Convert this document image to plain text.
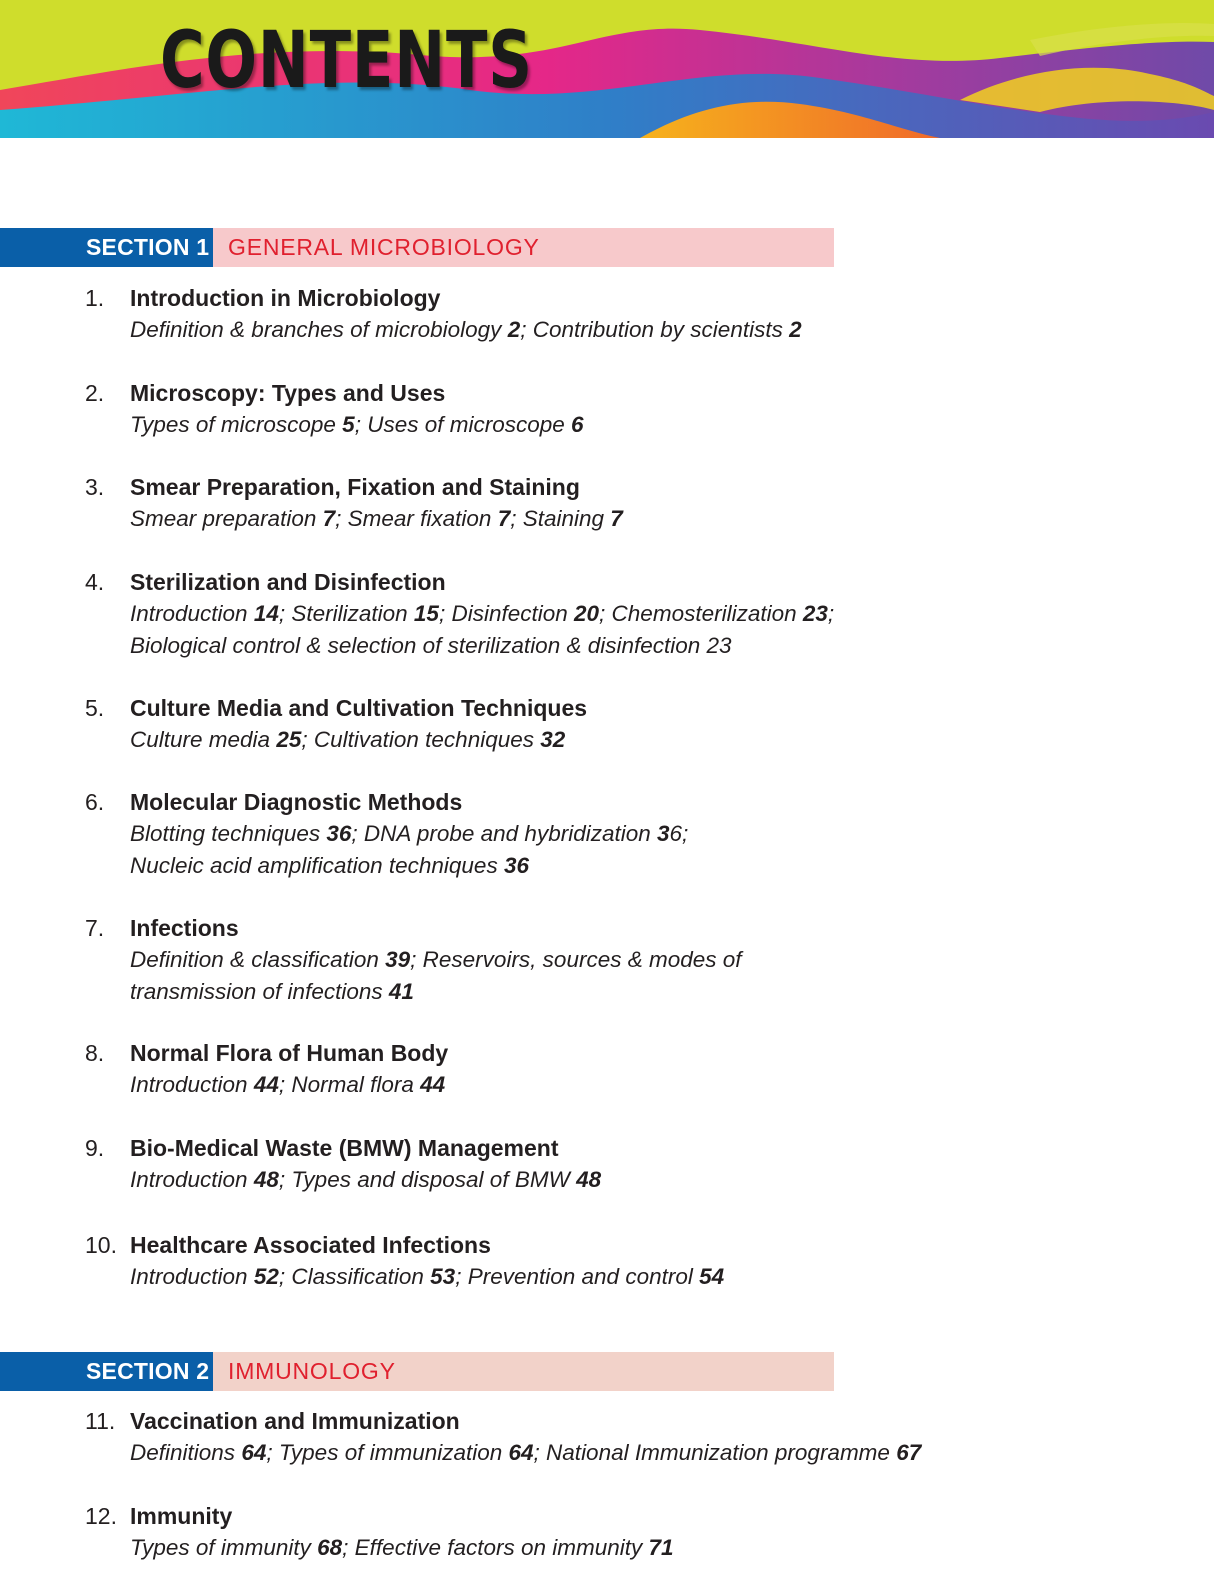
CONTENTS
SECTION 1 GENERAL MICROBIOLOGY
1. Introduction in Microbiology
Definition & branches of microbiology 2; Contribution by scientists 2
2. Microscopy: Types and Uses
Types of microscope 5; Uses of microscope 6
3. Smear Preparation, Fixation and Staining
Smear preparation 7; Smear fixation 7; Staining 7
4. Sterilization and Disinfection
Introduction 14; Sterilization 15; Disinfection 20; Chemosterilization 23;
Biological control & selection of sterilization & disinfection 23
5. Culture Media and Cultivation Techniques
Culture media 25; Cultivation techniques 32
6. Molecular Diagnostic Methods
Blotting techniques 36; DNA probe and hybridization 36;
Nucleic acid amplification techniques 36
7. Infections
Definition & classification 39; Reservoirs, sources & modes of
transmission of infections 41
8. Normal Flora of Human Body
Introduction 44; Normal flora 44
9. Bio-Medical Waste (BMW) Management
Introduction 48; Types and disposal of BMW 48
10. Healthcare Associated Infections
Introduction 52; Classification 53; Prevention and control 54
SECTION 2 IMMUNOLOGY
11. Vaccination and Immunization
Definitions 64; Types of immunization 64; National Immunization programme 67
12. Immunity
Types of immunity 68; Effective factors on immunity 71
